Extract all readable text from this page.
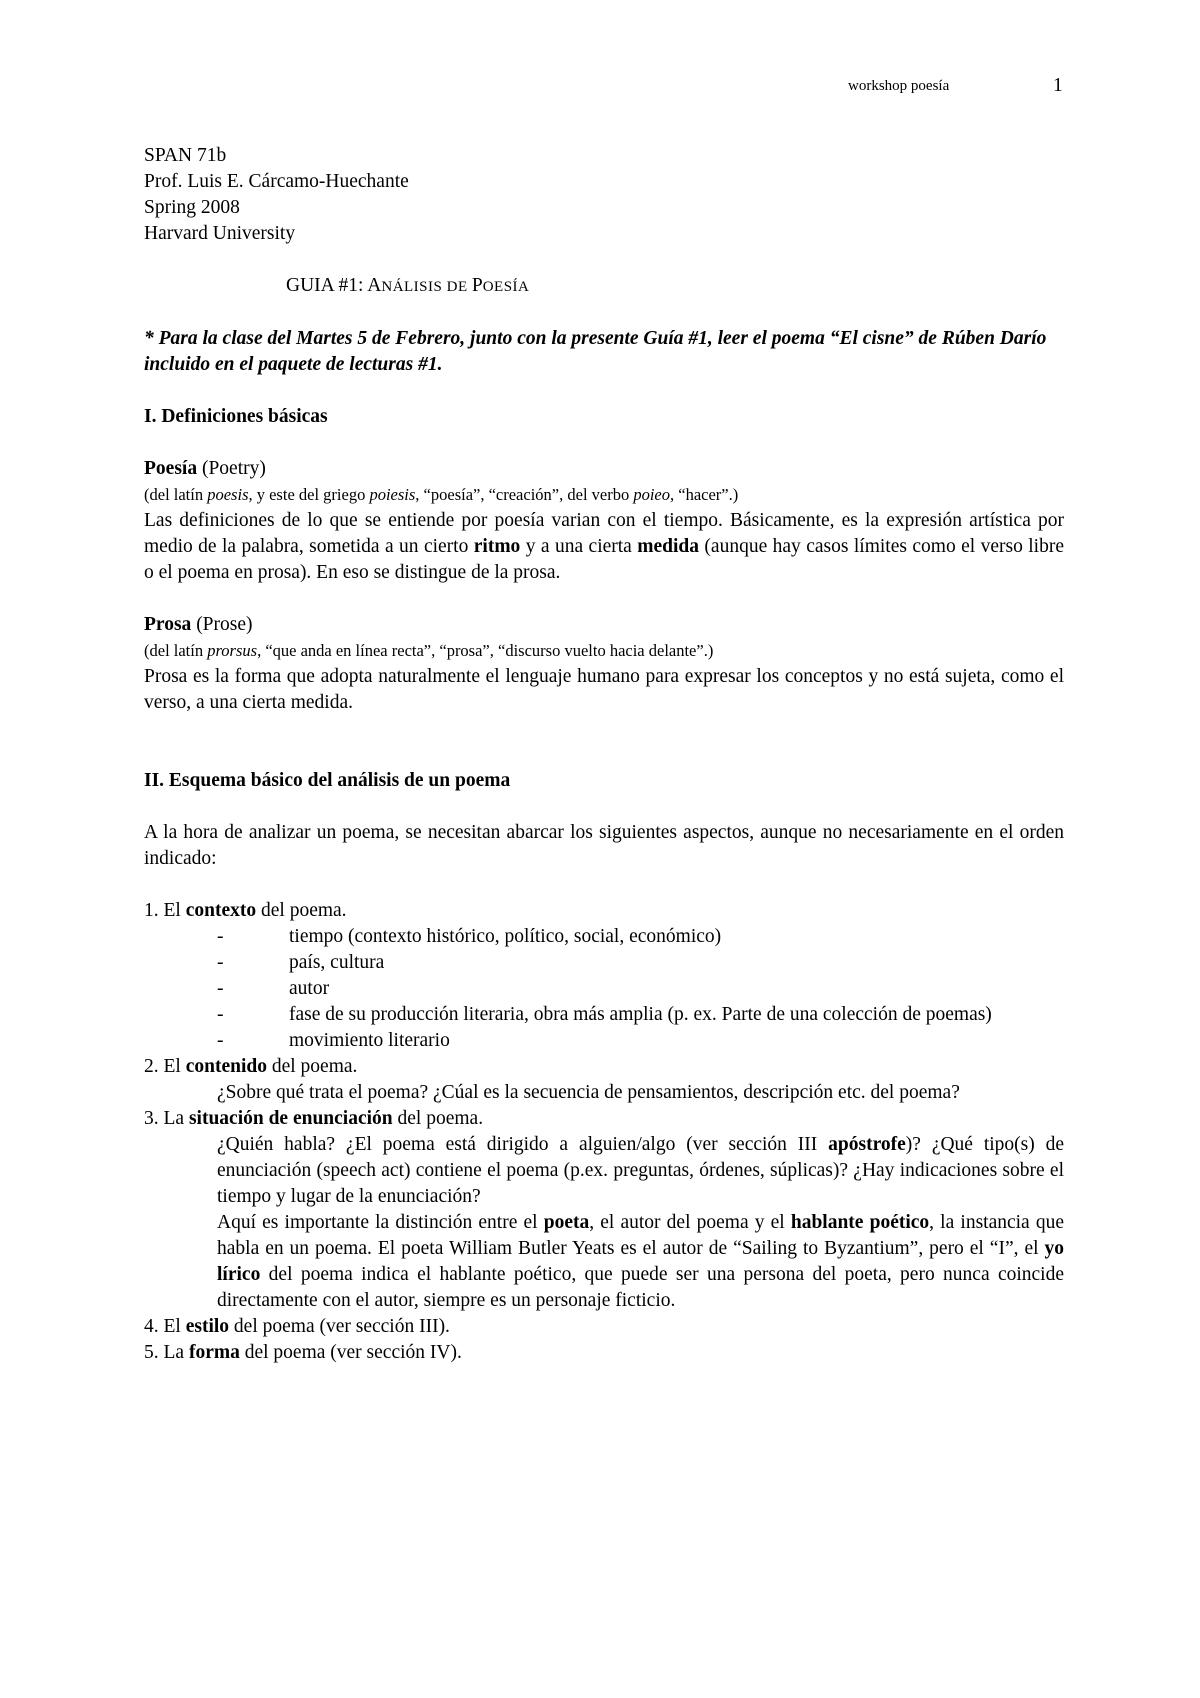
workshop poesía	1

SPAN 71b

Prof. Luis E. Cárcamo-Huechante

Spring 2008

Harvard University

GUIA #1: ANÁLISIS DE POESÍA

* Para la clase del Martes 5 de Febrero, junto con la presente Guía #1, leer el poema “El cisne” de Rúben Darío incluido en el paquete de lecturas #1.

I. Definiciones básicas

Poesía (Poetry)

(del latín poesis, y este del griego poiesis, “poesía”, “creación”, del verbo poieo, “hacer”.)

Las definiciones de lo que se entiende por poesía varian con el tiempo. Básicamente, es la expresión artística por medio de la palabra, sometida a un cierto ritmo y a una cierta medida (aunque hay casos límites como el verso libre o el poema en prosa). En eso se distingue de la prosa.

Prosa (Prose)

(del latín prorsus, “que anda en línea recta”, “prosa”, “discurso vuelto hacia delante”.)

Prosa es la forma que adopta naturalmente el lenguaje humano para expresar los conceptos y no está sujeta, como el verso, a una cierta medida.

II. Esquema básico del análisis de un poema

A la hora de analizar un poema, se necesitan abarcar los siguientes aspectos, aunque no necesariamente en el orden indicado:

1. El contexto del poema.

-	tiempo (contexto histórico, político, social, económico)
-	país, cultura
-	autor
-	fase de su producción literaria, obra más amplia (p. ex. Parte de una colección de poemas)
-	movimiento literario

2. El contenido del poema.

¿Sobre qué trata el poema? ¿Cúal es la secuencia de pensamientos, descripción etc. del poema?

3. La situación de enunciación del poema.

¿Quién habla? ¿El poema está dirigido a alguien/algo (ver sección III apóstrofe)? ¿Qué tipo(s) de enunciación (speech act) contiene el poema (p.ex. preguntas, órdenes, súplicas)? ¿Hay indicaciones sobre el tiempo y lugar de la enunciación?

Aquí es importante la distinción entre el poeta, el autor del poema y el hablante poético, la instancia que habla en un poema. El poeta William Butler Yeats es el autor de “Sailing to Byzantium”, pero el “I”, el yo lírico del poema indica el hablante poético, que puede ser una persona del poeta, pero nunca coincide directamente con el autor, siempre es un personaje ficticio.

4. El estilo del poema (ver sección III).

5. La forma del poema (ver sección IV).
